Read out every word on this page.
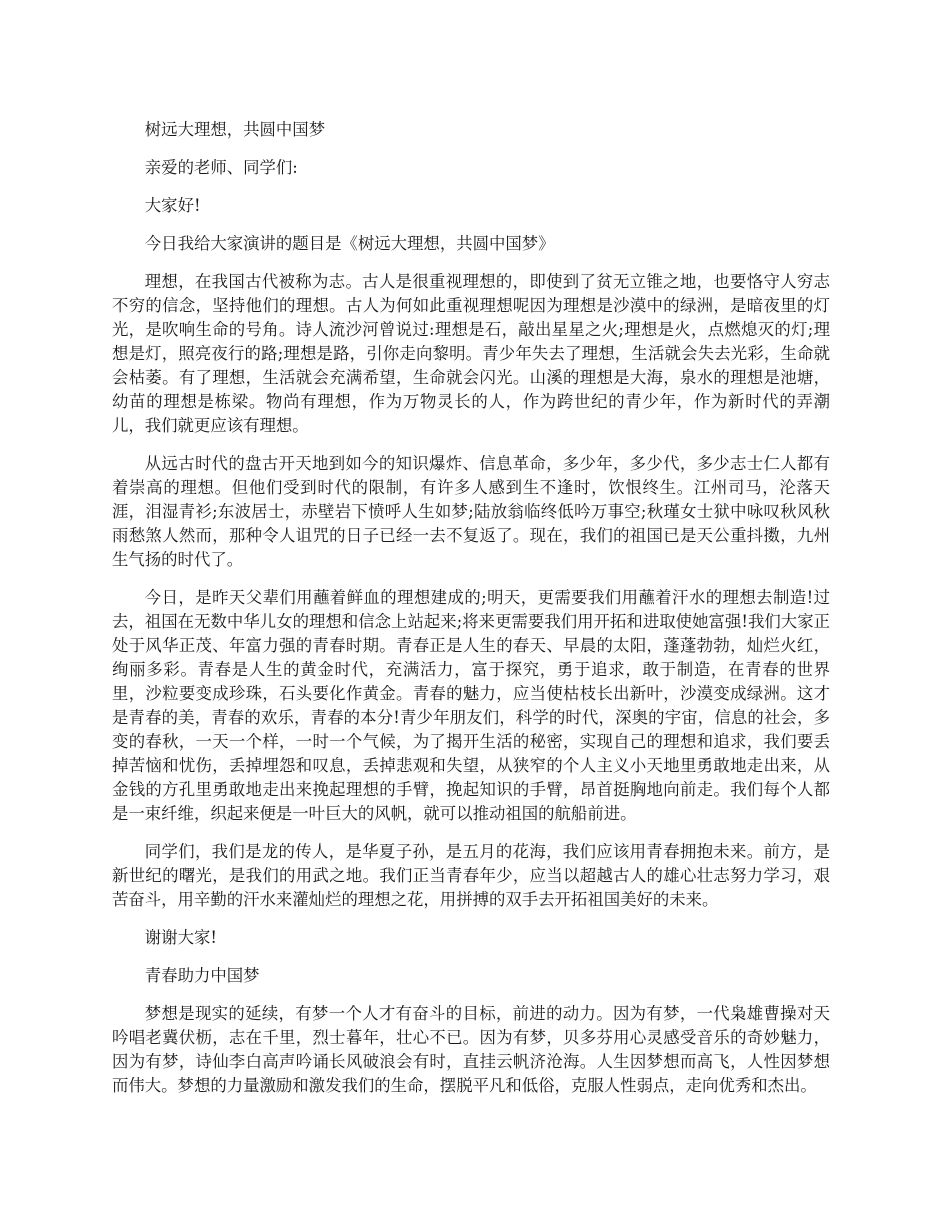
树远大理想，共圆中国梦

亲爱的老师、同学们:

大家好!

今日我给大家演讲的题目是《树远大理想，共圆中国梦》

理想，在我国古代被称为志。古人是很重视理想的，即使到了贫无立锥之地，也要恪守人穷志不穷的信念，坚持他们的理想。古人为何如此重视理想呢因为理想是沙漠中的绿洲，是暗夜里的灯光，是吹响生命的号角。诗人流沙河曾说过:理想是石，敲出星星之火;理想是火，点燃熄灭的灯;理想是灯，照亮夜行的路;理想是路，引你走向黎明。青少年失去了理想，生活就会失去光彩，生命就会枯萎。有了理想，生活就会充满希望，生命就会闪光。山溪的理想是大海，泉水的理想是池塘，幼苗的理想是栋梁。物尚有理想，作为万物灵长的人，作为跨世纪的青少年，作为新时代的弄潮儿，我们就更应该有理想。

从远古时代的盘古开天地到如今的知识爆炸、信息革命，多少年，多少代，多少志士仁人都有着崇高的理想。但他们受到时代的限制，有许多人感到生不逢时，饮恨终生。江州司马，沦落天涯，泪湿青衫;东波居士，赤壁岩下愤呼人生如梦;陆放翁临终低吟万事空;秋瑾女士狱中咏叹秋风秋雨愁煞人然而，那种令人诅咒的日子已经一去不复返了。现在，我们的祖国已是天公重抖擞，九州生气扬的时代了。

今日，是昨天父辈们用蘸着鲜血的理想建成的;明天，更需要我们用蘸着汗水的理想去制造!过去，祖国在无数中华儿女的理想和信念上站起来;将来更需要我们用开拓和进取使她富强!我们大家正处于风华正茂、年富力强的青春时期。青春正是人生的春天、早晨的太阳，蓬蓬勃勃，灿烂火红，绚丽多彩。青春是人生的黄金时代，充满活力，富于探究，勇于追求，敢于制造，在青春的世界里，沙粒要变成珍珠，石头要化作黄金。青春的魅力，应当使枯枝长出新叶，沙漠变成绿洲。这才是青春的美，青春的欢乐，青春的本分!青少年朋友们，科学的时代，深奥的宇宙，信息的社会，多变的春秋，一天一个样，一时一个气候，为了揭开生活的秘密，实现自己的理想和追求，我们要丢掉苦恼和忧伤，丢掉埋怨和叹息，丢掉悲观和失望，从狭窄的个人主义小天地里勇敢地走出来，从金钱的方孔里勇敢地走出来挽起理想的手臂，挽起知识的手臂，昂首挺胸地向前走。我们每个人都是一束纤维，织起来便是一叶巨大的风帆，就可以推动祖国的航船前进。

同学们，我们是龙的传人，是华夏子孙，是五月的花海，我们应该用青春拥抱未来。前方，是新世纪的曙光，是我们的用武之地。我们正当青春年少，应当以超越古人的雄心壮志努力学习，艰苦奋斗，用辛勤的汗水来灌灿烂的理想之花，用拼搏的双手去开拓祖国美好的未来。

谢谢大家!

青春助力中国梦

梦想是现实的延续，有梦一个人才有奋斗的目标，前进的动力。因为有梦，一代枭雄曹操对天吟唱老冀伏枥，志在千里，烈士暮年，壮心不已。因为有梦，贝多芬用心灵感受音乐的奇妙魅力，因为有梦，诗仙李白高声吟诵长风破浪会有时，直挂云帆济沧海。人生因梦想而高飞，人性因梦想而伟大。梦想的力量激励和激发我们的生命，摆脱平凡和低俗，克服人性弱点，走向优秀和杰出。
